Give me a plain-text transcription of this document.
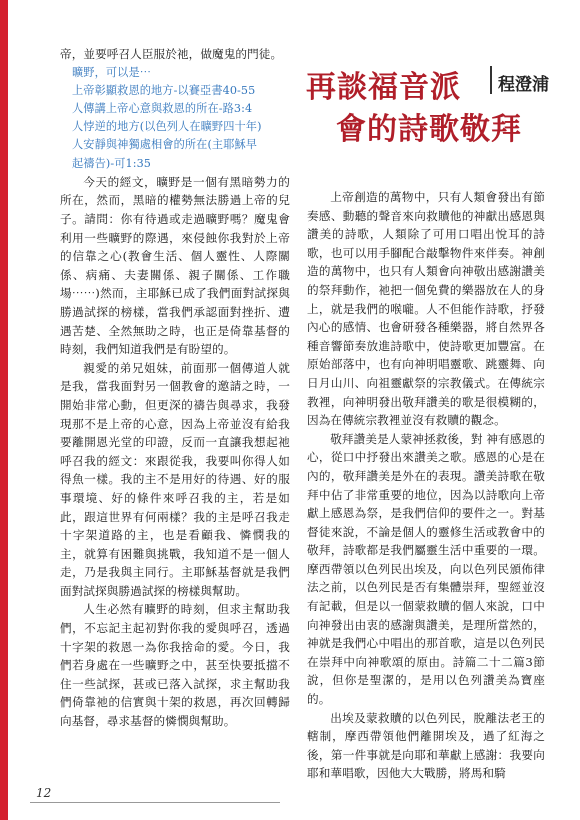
帝，並要呼召人臣服於祂，做魔鬼的門徒。

曠野，可以是⋯
上帝彰顯救恩的地方-以賽亞書40-55
人傳講上帝心意與救恩的所在-路3:4
人悖逆的地方(以色列人在曠野四十年)
人安靜與神獨處相會的所在(主耶穌早
起禱告)-可1:35

今天的經文，曠野是一個有黑暗勢力的所在，然而，黑暗的權勢無法勝過上帝的兒子。請問：你有待過或走過曠野嗎？魔鬼會利用一些曠野的際遇，來侵蝕你我對於上帝的信靠之心(教會生活、個人靈性、人際關係、病痛、夫妻關係、親子關係、工作職場⋯⋯)然而，主耶穌已成了我們面對試探與勝過試探的榜樣，當我們承認面對挫折、遭遇苦楚、全然無助之時，也正是倚靠基督的時刻，我們知道我們是有盼望的。

親愛的弟兄姐妹，前面那一個傳道人就是我，當我面對另一個教會的邀請之時，一開始非常心動，但更深的禱告與尋求，我發現那不是上帝的心意，因為上帝並沒有給我要離開恩光堂的印證，反而一直讓我想起祂呼召我的經文：來跟從我，我要叫你得人如得魚一樣。我的主不是用好的待遇、好的服事環境、好的條件來呼召我的主，若是如此，跟這世界有何兩樣？我的主是呼召我走十字架道路的主，也是看顧我、憐憫我的主，就算有困難與挑戰，我知道不是一個人走，乃是我與主同行。主耶穌基督就是我們面對試探與勝過試探的榜樣與幫助。

人生必然有曠野的時刻，但求主幫助我們，不忘記主起初對你我的愛與呼召，透過十字架的救恩一為你我捨命的愛。今日，我們若身處在一些曠野之中，甚至快要抵擋不住一些試探，甚或已落入試探，求主幫助我們倚靠祂的信實與十架的救恩，再次回轉歸向基督，尋求基督的憐憫與幫助。

再談福音派 程澄浦
會的詩歌敬拜

上帝創造的萬物中，只有人類會發出有節奏感、動聽的聲音來向救贖他的神獻出感恩與讚美的詩歌，人類除了可用口唱出悅耳的詩歌，也可以用手腳配合敲擊物件來伴奏。神創造的萬物中，也只有人類會向神敬出感謝讚美的祭拜動作，祂把一個免費的樂器放在人的身上，就是我們的喉嚨。人不但能作詩歌，抒發內心的感情、也會研發各種樂器，將自然界各種音響節奏放進詩歌中，使詩歌更加豐富。在原始部落中，也有向神明唱靈歌、跳靈舞、向日月山川、向祖靈獻祭的宗教儀式。在傳統宗教裡，向神明發出敬拜讚美的歌是很模糊的，因為在傳統宗教裡並沒有救贖的觀念。

敬拜讚美是人蒙神拯救後，對 神有感恩的心，從口中抒發出來讚美之歌。感恩的心是在內的，敬拜讚美是外在的表現。讚美詩歌在敬拜中佔了非常重要的地位，因為以詩歌向上帝獻上感恩為祭，是我們信仰的要件之一。對基督徒來說，不論是個人的靈修生活或教會中的敬拜，詩歌都是我們屬靈生活中重要的一環。摩西帶領以色列民出埃及，向以色列民頒佈律法之前，以色列民是否有集體崇拜，聖經並沒有記載，但是以一個蒙救贖的個人來說，口中向神發出由衷的感謝與讚美，是理所當然的，神就是我們心中唱出的那首歌，這是以色列民在崇拜中向神歌頌的原由。詩篇二十二篇3節說，但你是聖潔的，是用以色列讚美為寶座的。

出埃及蒙救贖的以色列民，脫離法老王的轄制，摩西帶領他們離開埃及，過了紅海之後，第一件事就是向耶和華獻上感謝：我要向耶和華唱歌，因他大大戰勝，將馬和騎

12
